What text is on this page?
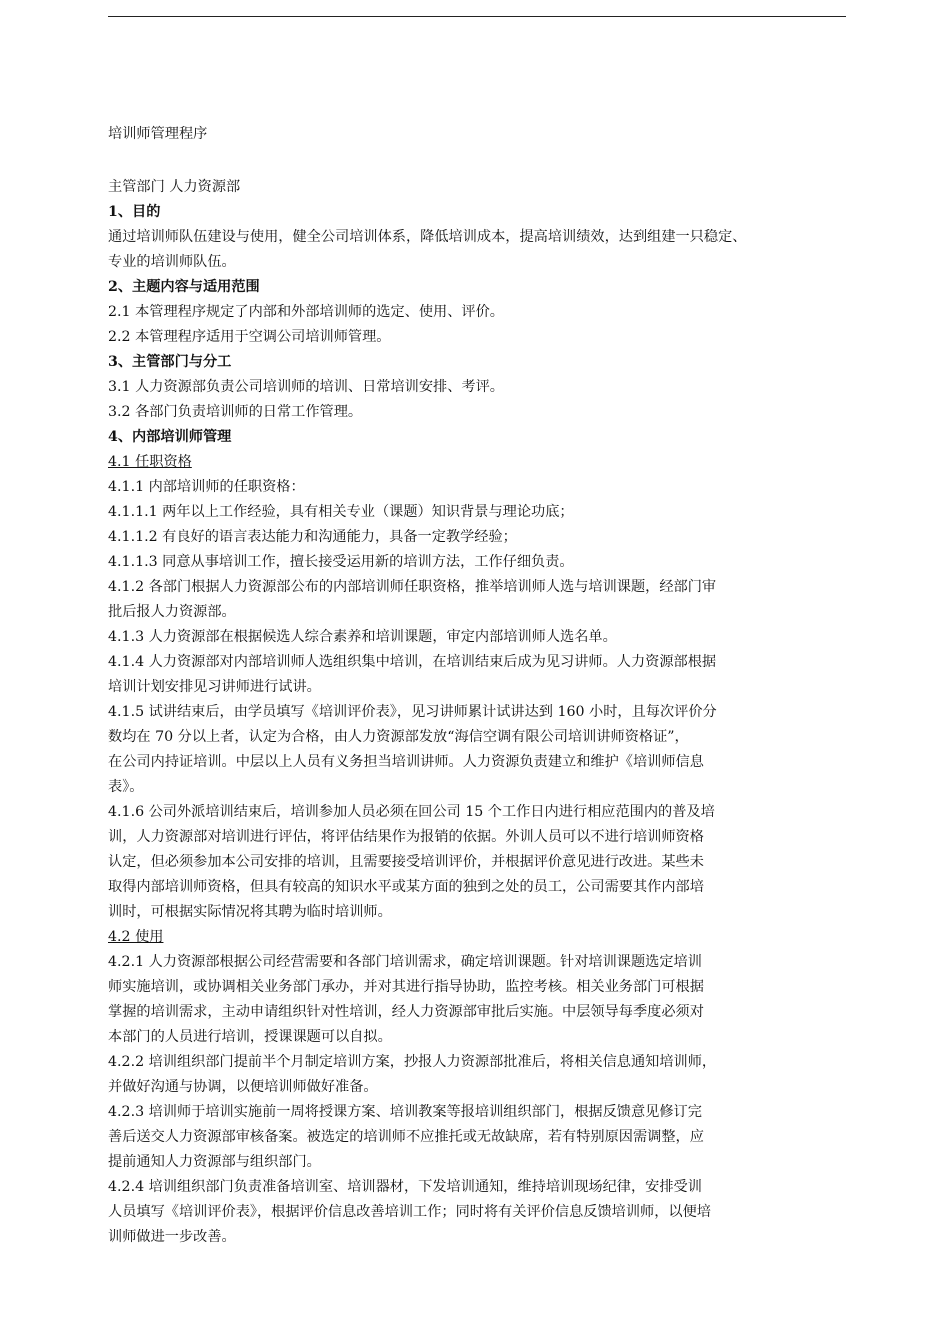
培训师管理程序
主管部门 人力资源部
1、目的
通过培训师队伍建设与使用，健全公司培训体系，降低培训成本，提高培训绩效，达到组建一只稳定、
专业的培训师队伍。
2、主题内容与适用范围
2.1 本管理程序规定了内部和外部培训师的选定、使用、评价。
2.2 本管理程序适用于空调公司培训师管理。
3、主管部门与分工
3.1 人力资源部负责公司培训师的培训、日常培训安排、考评。
3.2 各部门负责培训师的日常工作管理。
4、内部培训师管理
4.1 任职资格
4.1.1 内部培训师的任职资格：
4.1.1.1 两年以上工作经验，具有相关专业（课题）知识背景与理论功底；
4.1.1.2 有良好的语言表达能力和沟通能力，具备一定教学经验；
4.1.1.3 同意从事培训工作，擅长接受运用新的培训方法，工作仔细负责。
4.1.2 各部门根据人力资源部公布的内部培训师任职资格，推举培训师人选与培训课题，经部门审
批后报人力资源部。
4.1.3 人力资源部在根据候选人综合素养和培训课题，审定内部培训师人选名单。
4.1.4 人力资源部对内部培训师人选组织集中培训，在培训结束后成为见习讲师。人力资源部根据
培训计划安排见习讲师进行试讲。
4.1.5 试讲结束后，由学员填写《培训评价表》，见习讲师累计试讲达到 160 小时，且每次评价分
数均在 70 分以上者，认定为合格，由人力资源部发放“海信空调有限公司培训讲师资格证”，
在公司内持证培训。中层以上人员有义务担当培训讲师。人力资源负责建立和维护《培训师信息
表》。
4.1.6 公司外派培训结束后，培训参加人员必须在回公司 15 个工作日内进行相应范围内的普及培
训，人力资源部对培训进行评估，将评估结果作为报销的依据。外训人员可以不进行培训师资格
认定，但必须参加本公司安排的培训，且需要接受培训评价，并根据评价意见进行改进。某些未
取得内部培训师资格，但具有较高的知识水平或某方面的独到之处的员工，公司需要其作内部培
训时，可根据实际情况将其聘为临时培训师。
4.2 使用
4.2.1 人力资源部根据公司经营需要和各部门培训需求，确定培训课题。针对培训课题选定培训
师实施培训，或协调相关业务部门承办，并对其进行指导协助，监控考核。相关业务部门可根据
掌握的培训需求，主动申请组织针对性培训，经人力资源部审批后实施。中层领导每季度必须对
本部门的人员进行培训，授课课题可以自拟。
4.2.2 培训组织部门提前半个月制定培训方案，抄报人力资源部批准后，将相关信息通知培训师，
并做好沟通与协调，以便培训师做好准备。
4.2.3 培训师于培训实施前一周将授课方案、培训教案等报培训组织部门，根据反馈意见修订完
善后送交人力资源部审核备案。被选定的培训师不应推托或无故缺席，若有特别原因需调整，应
提前通知人力资源部与组织部门。
4.2.4 培训组织部门负责准备培训室、培训器材，下发培训通知，维持培训现场纪律，安排受训
人员填写《培训评价表》，根据评价信息改善培训工作；同时将有关评价信息反馈培训师，以便培
训师做进一步改善。
